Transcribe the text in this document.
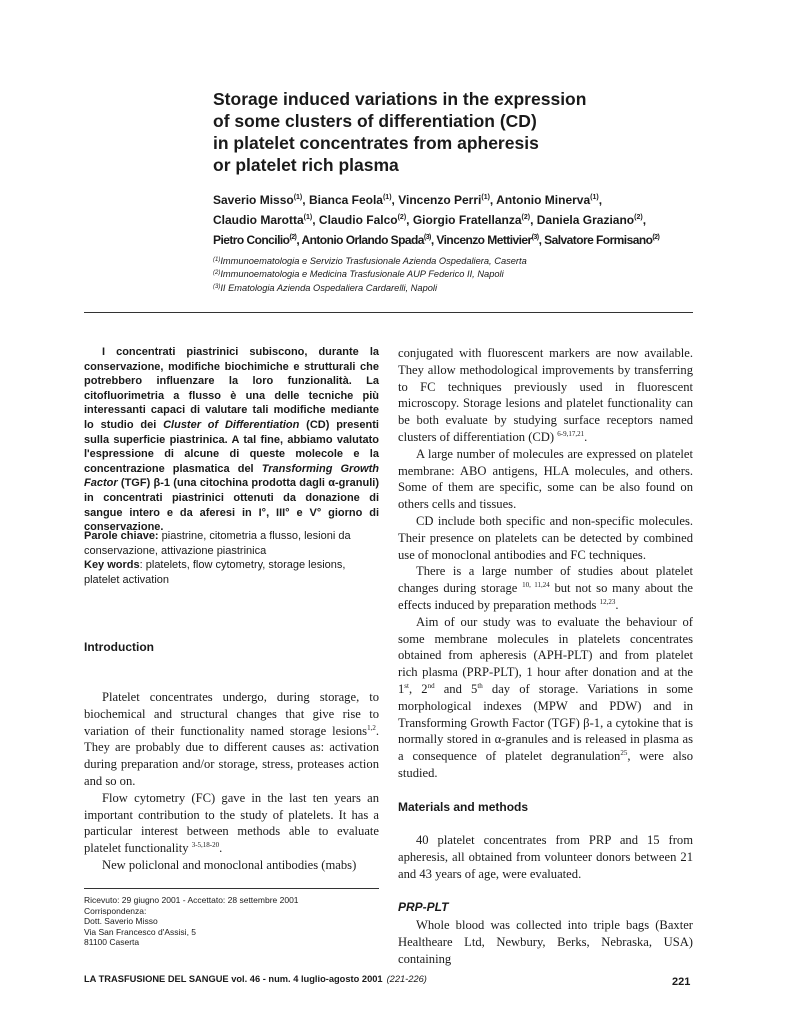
Storage induced variations in the expression
of some clusters of differentiation (CD)
in platelet concentrates from apheresis
or platelet rich plasma
Saverio Misso$^{(1)}$, Bianca Feola$^{(1)}$, Vincenzo Perri$^{(1)}$, Antonio Minerva$^{(1)}$,
Claudio Marotta$^{(1)}$, Claudio Falco$^{(2)}$, Giorgio Fratellanza$^{(2)}$, Daniela Graziano$^{(2)}$,
Pietro Concilio$^{(2)}$, Antonio Orlando Spada$^{(3)}$, Vincenzo Mettivier$^{(3)}$, Salvatore Formisano$^{(2)}$
$^{(1)}$Immunoematologia e Servizio Trasfusionale Azienda Ospedaliera, Caserta
$^{(2)}$Immunoematologia e Medicina Trasfusionale AUP Federico II, Napoli
$^{(3)}$II Ematologia Azienda Ospedaliera Cardarelli, Napoli

I concentrati piastrinici subiscono, durante la conservazione, modifiche biochimiche e strutturali che potrebbero influenzare la loro funzionalità. La citofluorimetria a flusso è una delle tecniche più interessanti capaci di valutare tali modifiche mediante lo studio dei Cluster of Differentiation (CD) presenti sulla superficie piastrinica. A tal fine, abbiamo valutato l'espressione di alcune di queste molecole e la concentrazione plasmatica del Transforming Growth Factor (TGF) β-1 (una citochina prodotta dagli α-granuli) in concentrati piastrinici ottenuti da donazione di sangue intero e da aferesi in I°, III° e V° giorno di conservazione.

Parole chiave: piastrine, citometria a flusso, lesioni da conservazione, attivazione piastrinica

Key words: platelets, flow cytometry, storage lesions, platelet activation

Introduction

Platelet concentrates undergo, during storage, to biochemical and structural changes that give rise to variation of their functionality named storage lesions$^{1,2}$. They are probably due to different causes as: activation during preparation and/or storage, stress, proteases action and so on.

Flow cytometry (FC) gave in the last ten years an important contribution to the study of platelets. It has a particular interest between methods able to evaluate platelet functionality $^{3-5,18-20}$.

New policlonal and monoclonal antibodies (mabs)

conjugated with fluorescent markers are now available. They allow methodological improvements by transferring to FC techniques previously used in fluorescent microscopy. Storage lesions and platelet functionality can be both evaluate by studying surface receptors named clusters of differentiation (CD) $^{6-9,17,21}$.

A large number of molecules are expressed on platelet membrane: ABO antigens, HLA molecules, and others. Some of them are specific, some can be also found on others cells and tissues.

CD include both specific and non-specific molecules. Their presence on platelets can be detected by combined use of monoclonal antibodies and FC techniques.

There is a large number of studies about platelet changes during storage $^{10, 11,24}$ but not so many about the effects induced by preparation methods $^{12,23}$.

Aim of our study was to evaluate the behaviour of some membrane molecules in platelets concentrates obtained from apheresis (APH-PLT) and from platelet rich plasma (PRP-PLT), 1 hour after donation and at the 1st, 2nd and 5th day of storage. Variations in some morphological indexes (MPW and PDW) and in Transforming Growth Factor (TGF) β-1, a cytokine that is normally stored in α-granules and is released in plasma as a consequence of platelet degranulation$^{25}$, were also studied.

Materials and methods

40 platelet concentrates from PRP and 15 from apheresis, all obtained from volunteer donors between 21 and 43 years of age, were evaluated.

PRP-PLT

Whole blood was collected into triple bags (Baxter Healtheare Ltd, Newbury, Berks, Nebraska, USA) containing

Ricevuto: 29 giugno 2001 - Accettato: 28 settembre 2001
Corrispondenza:
Dott. Saverio Misso
Via San Francesco d'Assisi, 5
81100 Caserta
LA TRASFUSIONE DEL SANGUE vol. 46 - num. 4 luglio-agosto 2001 (221-226)	221
